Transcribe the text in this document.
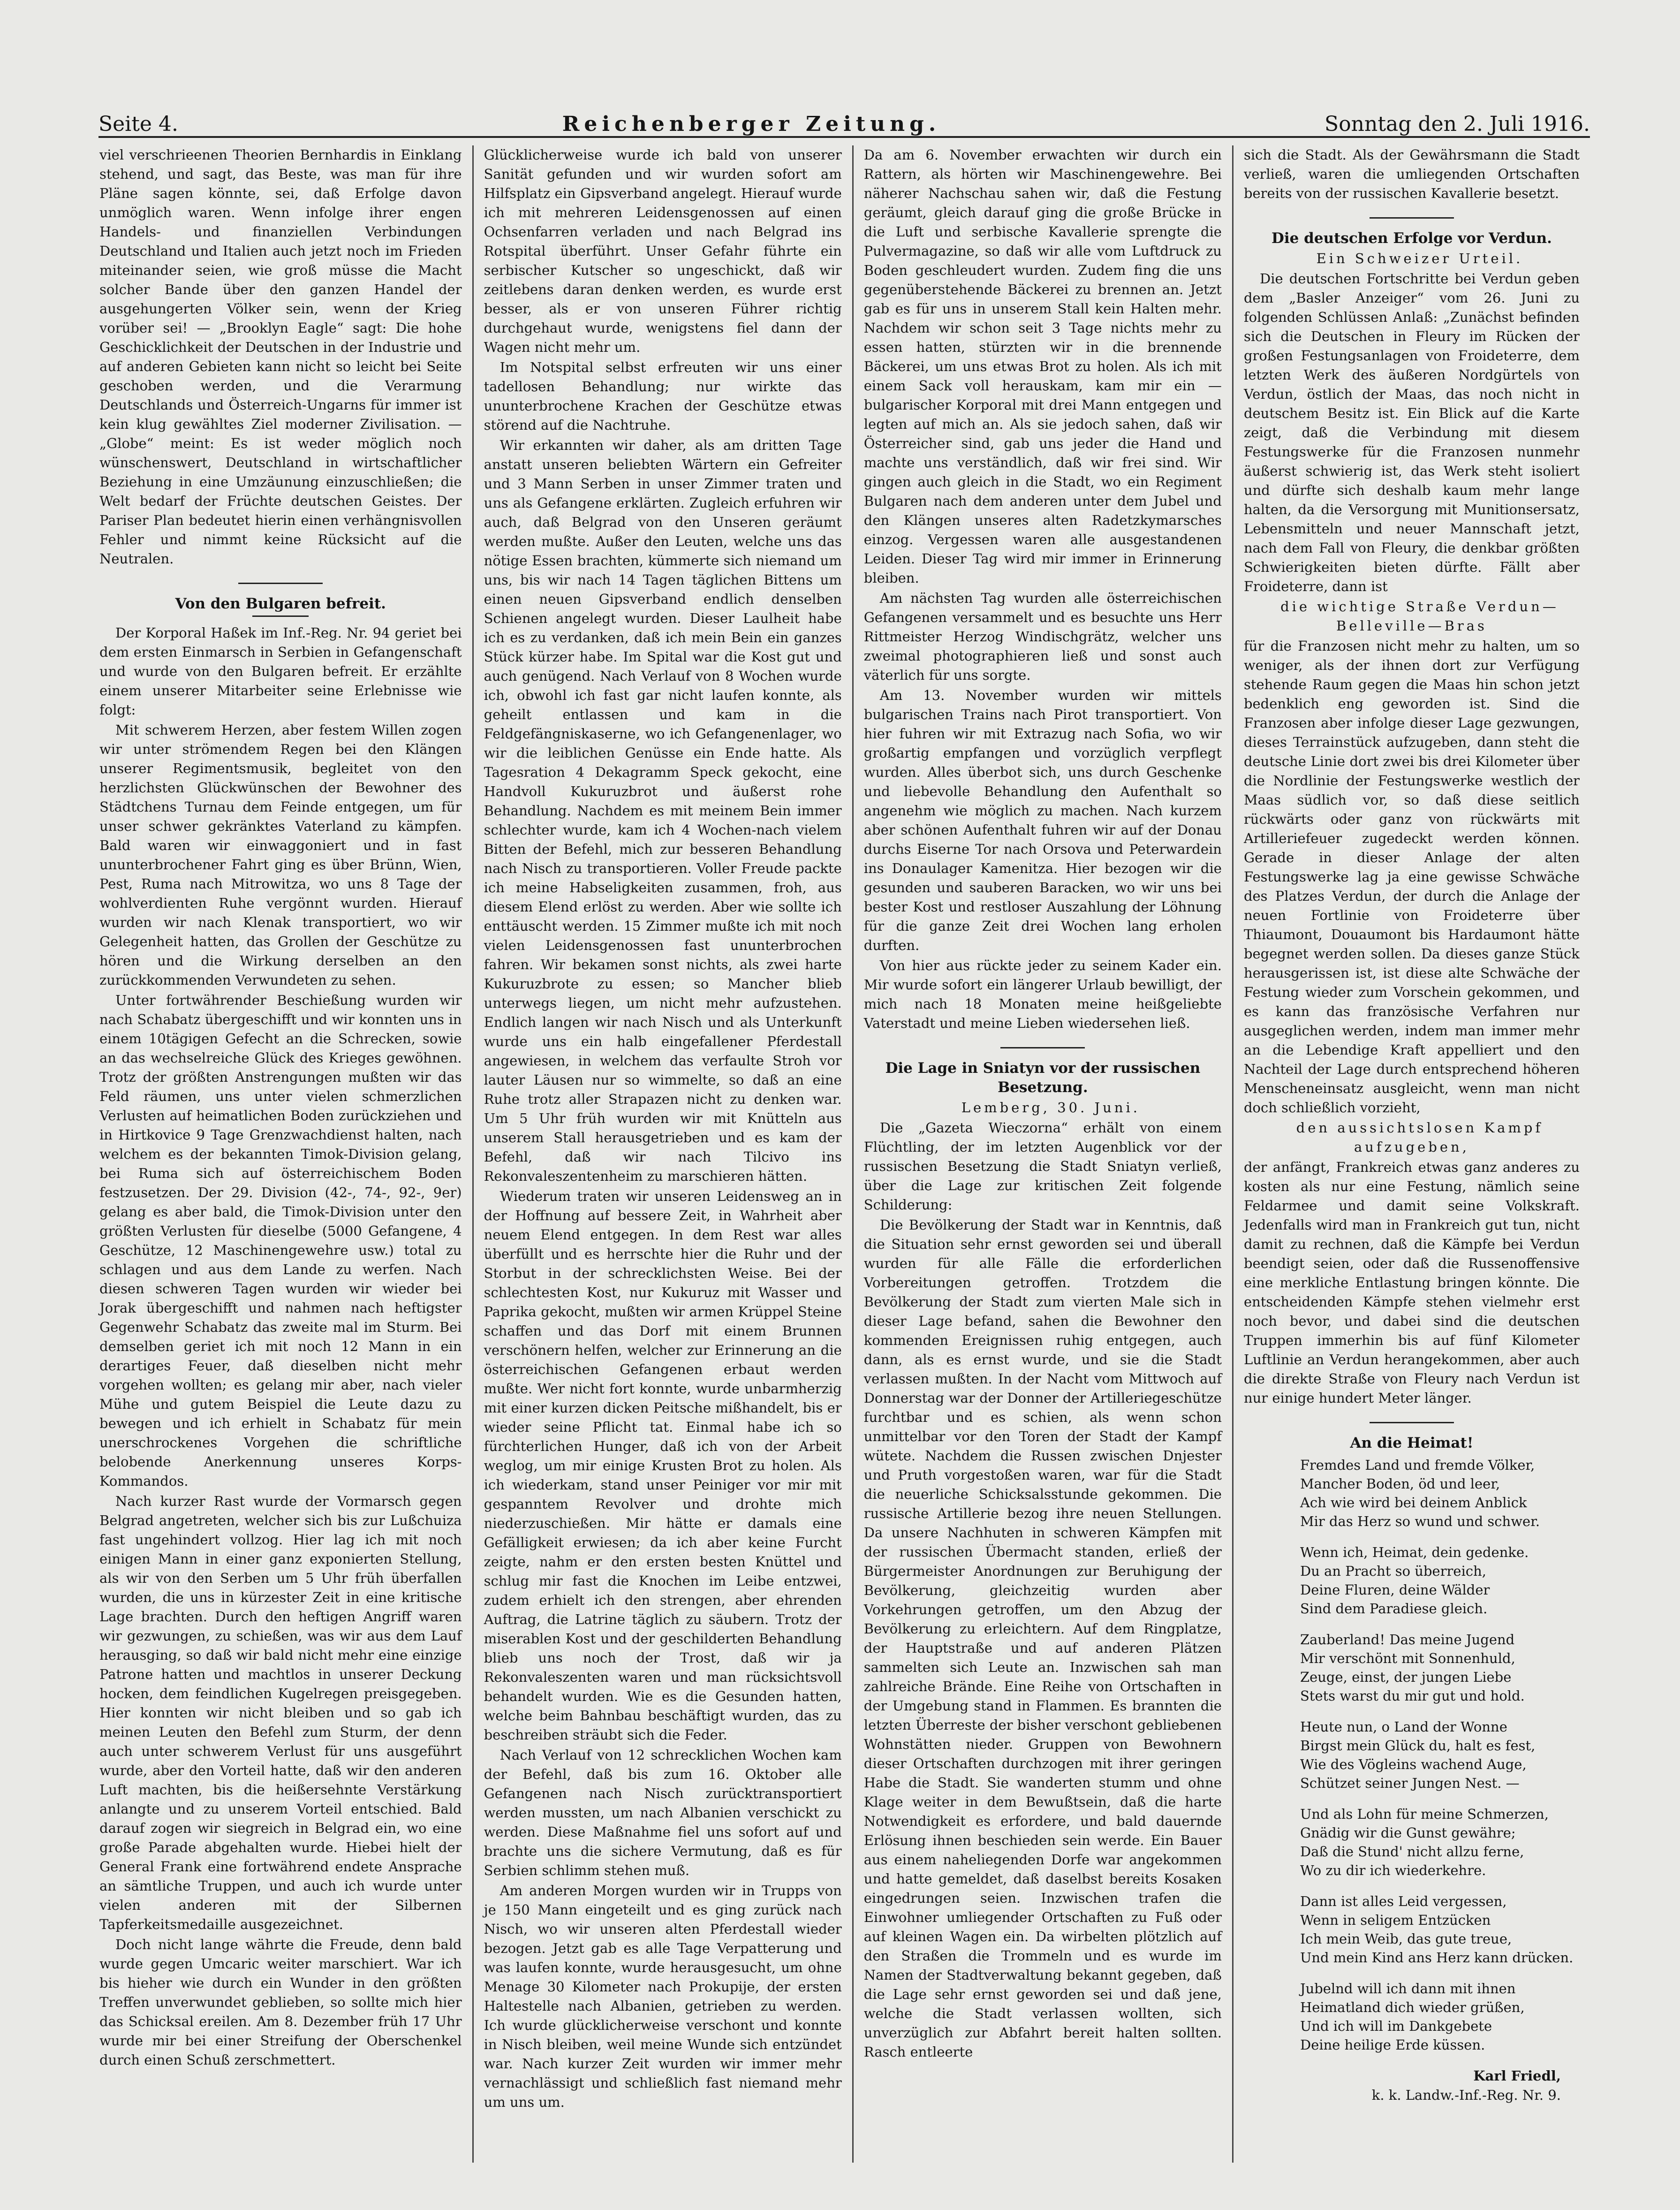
Seite 4.	Reichenberger Zeitung.	Sonntag den 2. Juli 1916.

viel verschrieenen Theorien Bernhardis in Einklang stehend, und sagt, das Beste, was man für ihre Pläne sagen könnte, sei, daß Erfolge davon unmöglich waren. Wenn infolge ihrer engen Handels- und finanziellen Verbindungen Deutschland und Italien auch jetzt noch im Frieden miteinander seien, wie groß müsse die Macht solcher Bande über den ganzen Handel der ausgehungerten Völker sein, wenn der Krieg vorüber sei! — „Brooklyn Eagle“ sagt: Die hohe Geschicklichkeit der Deutschen in der Industrie und auf anderen Gebieten kann nicht so leicht bei Seite geschoben werden, und die Verarmung Deutschlands und Österreich-Ungarns für immer ist kein klug gewähltes Ziel moderner Zivilisation. — „Globe“ meint: Es ist weder möglich noch wünschenswert, Deutschland in wirtschaftlicher Beziehung in eine Umzäunung einzuschließen; die Welt bedarf der Früchte deutschen Geistes. Der Pariser Plan bedeutet hierin einen verhängnisvollen Fehler und nimmt keine Rücksicht auf die Neutralen.

Von den Bulgaren befreit.

Der Korporal Haßek im Inf.-Reg. Nr. 94 geriet bei dem ersten Einmarsch in Serbien in Gefangenschaft und wurde von den Bulgaren befreit. Er erzählte einem unserer Mitarbeiter seine Erlebnisse wie folgt:

Mit schwerem Herzen, aber festem Willen zogen wir unter strömendem Regen bei den Klängen unserer Regimentsmusik, begleitet von den herzlichsten Glückwünschen der Bewohner des Städtchens Turnau dem Feinde entgegen, um für unser schwer gekränktes Vaterland zu kämpfen. Bald waren wir einwaggoniert und in fast ununterbrochener Fahrt ging es über Brünn, Wien, Pest, Ruma nach Mitrowitza, wo uns 8 Tage der wohlverdienten Ruhe vergönnt wurden. Hierauf wurden wir nach Klenak transportiert, wo wir Gelegenheit hatten, das Grollen der Geschütze zu hören und die Wirkung derselben an den zurückkommenden Verwundeten zu sehen.

Unter fortwährender Beschießung wurden wir nach Schabatz übergeschifft und wir konnten uns in einem 10tägigen Gefecht an die Schrecken, sowie an das wechselreiche Glück des Krieges gewöhnen. Trotz der größten Anstrengungen mußten wir das Feld räumen, uns unter vielen schmerzlichen Verlusten auf heimatlichen Boden zurückziehen und in Hirtkovice 9 Tage Grenzwachdienst halten, nach welchem es der bekannten Timok-Division gelang, bei Ruma sich auf österreichischem Boden festzusetzen. Der 29. Division (42-, 74-, 92-, 9er) gelang es aber bald, die Timok-Division unter den größten Verlusten für dieselbe (5000 Gefangene, 4 Geschütze, 12 Maschinengewehre usw.) total zu schlagen und aus dem Lande zu werfen. Nach diesen schweren Tagen wurden wir wieder bei Jorak übergeschifft und nahmen nach heftigster Gegenwehr Schabatz das zweite mal im Sturm. Bei demselben geriet ich mit noch 12 Mann in ein derartiges Feuer, daß dieselben nicht mehr vorgehen wollten; es gelang mir aber, nach vieler Mühe und gutem Beispiel die Leute dazu zu bewegen und ich erhielt in Schabatz für mein unerschrockenes Vorgehen die schriftliche belobende Anerkennung unseres Korps-Kommandos.

Nach kurzer Rast wurde der Vormarsch gegen Belgrad angetreten, welcher sich bis zur Lußchuiza fast ungehindert vollzog. Hier lag ich mit noch einigen Mann in einer ganz exponierten Stellung, als wir von den Serben um 5 Uhr früh überfallen wurden, die uns in kürzester Zeit in eine kritische Lage brachten. Durch den heftigen Angriff waren wir gezwungen, zu schießen, was wir aus dem Lauf herausging, so daß wir bald nicht mehr eine einzige Patrone hatten und machtlos in unserer Deckung hocken, dem feindlichen Kugelregen preisgegeben. Hier konnten wir nicht bleiben und so gab ich meinen Leuten den Befehl zum Sturm, der denn auch unter schwerem Verlust für uns ausgeführt wurde, aber den Vorteil hatte, daß wir den anderen Luft machten, bis die heißersehnte Verstärkung anlangte und zu unserem Vorteil entschied. Bald darauf zogen wir siegreich in Belgrad ein, wo eine große Parade abgehalten wurde. Hiebei hielt der General Frank eine fortwährend endete Ansprache an sämtliche Truppen, und auch ich wurde unter vielen anderen mit der Silbernen Tapferkeitsmedaille ausgezeichnet.

Doch nicht lange währte die Freude, denn bald wurde gegen Umcaric weiter marschiert. War ich bis hieher wie durch ein Wunder in den größten Treffen unverwundet geblieben, so sollte mich hier das Schicksal ereilen. Am 8. Dezember früh 17 Uhr wurde mir bei einer Streifung der Oberschenkel durch einen Schuß zerschmettert.

Glücklicherweise wurde ich bald von unserer Sanität gefunden und wir wurden sofort am Hilfsplatz ein Gipsverband angelegt. Hierauf wurde ich mit mehreren Leidensgenossen auf einen Ochsenfarren verladen und nach Belgrad ins Rotspital überführt. Unser Gefahr führte ein serbischer Kutscher so ungeschickt, daß wir zeitlebens daran denken werden, es wurde erst besser, als er von unseren Führer richtig durchgehaut wurde, wenigstens fiel dann der Wagen nicht mehr um.

Im Notspital selbst erfreuten wir uns einer tadellosen Behandlung; nur wirkte das ununterbrochene Krachen der Geschütze etwas störend auf die Nachtruhe.

Wir erkannten wir daher, als am dritten Tage anstatt unseren beliebten Wärtern ein Gefreiter und 3 Mann Serben in unser Zimmer traten und uns als Gefangene erklärten. Zugleich erfuhren wir auch, daß Belgrad von den Unseren geräumt werden mußte. Außer den Leuten, welche uns das nötige Essen brachten, kümmerte sich niemand um uns, bis wir nach 14 Tagen täglichen Bittens um einen neuen Gipsverband endlich denselben Schienen angelegt wurden. Dieser Laulheit habe ich es zu verdanken, daß ich mein Bein ein ganzes Stück kürzer habe. Im Spital war die Kost gut und auch genügend. Nach Verlauf von 8 Wochen wurde ich, obwohl ich fast gar nicht laufen konnte, als geheilt entlassen und kam in die Feldgefängniskaserne, wo ich Gefangenenlager, wo wir die leiblichen Genüsse ein Ende hatte. Als Tagesration 4 Dekagramm Speck gekocht, eine Handvoll Kukuruzbrot und äußerst rohe Behandlung. Nachdem es mit meinem Bein immer schlechter wurde, kam ich 4 Wochen-nach vielem Bitten der Befehl, mich zur besseren Behandlung nach Nisch zu transportieren. Voller Freude packte ich meine Habseligkeiten zusammen, froh, aus diesem Elend erlöst zu werden. Aber wie sollte ich enttäuscht werden. 15 Zimmer mußte ich mit noch vielen Leidensgenossen fast ununterbrochen fahren. Wir bekamen sonst nichts, als zwei harte Kukuruzbrote zu essen; so Mancher blieb unterwegs liegen, um nicht mehr aufzustehen. Endlich langen wir nach Nisch und als Unterkunft wurde uns ein halb eingefallener Pferdestall angewiesen, in welchem das verfaulte Stroh vor lauter Läusen nur so wimmelte, so daß an eine Ruhe trotz aller Strapazen nicht zu denken war. Um 5 Uhr früh wurden wir mit Knütteln aus unserem Stall herausgetrieben und es kam der Befehl, daß wir nach Tilcivo ins Rekonvaleszentenheim zu marschieren hätten.

Wiederum traten wir unseren Leidensweg an in der Hoffnung auf bessere Zeit, in Wahrheit aber neuem Elend entgegen. In dem Rest war alles überfüllt und es herrschte hier die Ruhr und der Storbut in der schrecklichsten Weise. Bei der schlechtesten Kost, nur Kukuruz mit Wasser und Paprika gekocht, mußten wir armen Krüppel Steine schaffen und das Dorf mit einem Brunnen verschönern helfen, welcher zur Erinnerung an die österreichischen Gefangenen erbaut werden mußte. Wer nicht fort konnte, wurde unbarmherzig mit einer kurzen dicken Peitsche mißhandelt, bis er wieder seine Pflicht tat. Einmal habe ich so fürchterlichen Hunger, daß ich von der Arbeit weglog, um mir einige Krusten Brot zu holen. Als ich wiederkam, stand unser Peiniger vor mir mit gespanntem Revolver und drohte mich niederzuschießen. Mir hätte er damals eine Gefälligkeit erwiesen; da ich aber keine Furcht zeigte, nahm er den ersten besten Knüttel und schlug mir fast die Knochen im Leibe entzwei, zudem erhielt ich den strengen, aber ehrenden Auftrag, die Latrine täglich zu säubern. Trotz der miserablen Kost und der geschilderten Behandlung blieb uns noch der Trost, daß wir ja Rekonvaleszenten waren und man rücksichtsvoll behandelt wurden. Wie es die Gesunden hatten, welche beim Bahnbau beschäftigt wurden, das zu beschreiben sträubt sich die Feder.

Nach Verlauf von 12 schrecklichen Wochen kam der Befehl, daß bis zum 16. Oktober alle Gefangenen nach Nisch zurücktransportiert werden mussten, um nach Albanien verschickt zu werden. Diese Maßnahme fiel uns sofort auf und brachte uns die sichere Vermutung, daß es für Serbien schlimm stehen muß.

Am anderen Morgen wurden wir in Trupps von je 150 Mann eingeteilt und es ging zurück nach Nisch, wo wir unseren alten Pferdestall wieder bezogen. Jetzt gab es alle Tage Verpatterung und was laufen konnte, wurde herausgesucht, um ohne Menage 30 Kilometer nach Prokupije, der ersten Haltestelle nach Albanien, getrieben zu werden. Ich wurde glücklicherweise verschont und konnte in Nisch bleiben, weil meine Wunde sich entzündet war. Nach kurzer Zeit wurden wir immer mehr vernachlässigt und schließlich fast niemand mehr um uns um.

Da am 6. November erwachten wir durch ein Rattern, als hörten wir Maschinengewehre. Bei näherer Nachschau sahen wir, daß die Festung geräumt, gleich darauf ging die große Brücke in die Luft und serbische Kavallerie sprengte die Pulvermagazine, so daß wir alle vom Luftdruck zu Boden geschleudert wurden. Zudem fing die uns gegenüberstehende Bäckerei zu brennen an. Jetzt gab es für uns in unserem Stall kein Halten mehr. Nachdem wir schon seit 3 Tage nichts mehr zu essen hatten, stürzten wir in die brennende Bäckerei, um uns etwas Brot zu holen. Als ich mit einem Sack voll herauskam, kam mir ein — bulgarischer Korporal mit drei Mann entgegen und legten auf mich an. Als sie jedoch sahen, daß wir Österreicher sind, gab uns jeder die Hand und machte uns verständlich, daß wir frei sind. Wir gingen auch gleich in die Stadt, wo ein Regiment Bulgaren nach dem anderen unter dem Jubel und den Klängen unseres alten Radetzkymarsches einzog. Vergessen waren alle ausgestandenen Leiden. Dieser Tag wird mir immer in Erinnerung bleiben.

Am nächsten Tag wurden alle österreichischen Gefangenen versammelt und es besuchte uns Herr Rittmeister Herzog Windischgrätz, welcher uns zweimal photographieren ließ und sonst auch väterlich für uns sorgte.

Am 13. November wurden wir mittels bulgarischen Trains nach Pirot transportiert. Von hier fuhren wir mit Extrazug nach Sofia, wo wir großartig empfangen und vorzüglich verpflegt wurden. Alles überbot sich, uns durch Geschenke und liebevolle Behandlung den Aufenthalt so angenehm wie möglich zu machen. Nach kurzem aber schönen Aufenthalt fuhren wir auf der Donau durchs Eiserne Tor nach Orsova und Peterwardein ins Donaulager Kamenitza. Hier bezogen wir die gesunden und sauberen Baracken, wo wir uns bei bester Kost und restloser Auszahlung der Löhnung für die ganze Zeit drei Wochen lang erholen durften.

Von hier aus rückte jeder zu seinem Kader ein. Mir wurde sofort ein längerer Urlaub bewilligt, der mich nach 18 Monaten meine heißgeliebte Vaterstadt und meine Lieben wiedersehen ließ.

Die Lage in Sniatyn vor der russischen Besetzung.

Lemberg, 30. Juni.

Die „Gazeta Wieczorna“ erhält von einem Flüchtling, der im letzten Augenblick vor der russischen Besetzung die Stadt Sniatyn verließ, über die Lage zur kritischen Zeit folgende Schilderung:

Die Bevölkerung der Stadt war in Kenntnis, daß die Situation sehr ernst geworden sei und überall wurden für alle Fälle die erforderlichen Vorbereitungen getroffen. Trotzdem die Bevölkerung der Stadt zum vierten Male sich in dieser Lage befand, sahen die Bewohner den kommenden Ereignissen ruhig entgegen, auch dann, als es ernst wurde, und sie die Stadt verlassen mußten. In der Nacht vom Mittwoch auf Donnerstag war der Donner der Artilleriegeschütze furchtbar und es schien, als wenn schon unmittelbar vor den Toren der Stadt der Kampf wütete. Nachdem die Russen zwischen Dnjester und Pruth vorgestoßen waren, war für die Stadt die neuerliche Schicksalsstunde gekommen. Die russische Artillerie bezog ihre neuen Stellungen. Da unsere Nachhuten in schweren Kämpfen mit der russischen Übermacht standen, erließ der Bürgermeister Anordnungen zur Beruhigung der Bevölkerung, gleichzeitig wurden aber Vorkehrungen getroffen, um den Abzug der Bevölkerung zu erleichtern. Auf dem Ringplatze, der Hauptstraße und auf anderen Plätzen sammelten sich Leute an. Inzwischen sah man zahlreiche Brände. Eine Reihe von Ortschaften in der Umgebung stand in Flammen. Es brannten die letzten Überreste der bisher verschont gebliebenen Wohnstätten nieder. Gruppen von Bewohnern dieser Ortschaften durchzogen mit ihrer geringen Habe die Stadt. Sie wanderten stumm und ohne Klage weiter in dem Bewußtsein, daß die harte Notwendigkeit es erfordere, und bald dauernde Erlösung ihnen beschieden sein werde. Ein Bauer aus einem naheliegenden Dorfe war angekommen und hatte gemeldet, daß daselbst bereits Kosaken eingedrungen seien. Inzwischen trafen die Einwohner umliegender Ortschaften zu Fuß oder auf kleinen Wagen ein. Da wirbelten plötzlich auf den Straßen die Trommeln und es wurde im Namen der Stadtverwaltung bekannt gegeben, daß die Lage sehr ernst geworden sei und daß jene, welche die Stadt verlassen wollten, sich unverzüglich zur Abfahrt bereit halten sollten. Rasch entleerte

sich die Stadt. Als der Gewährsmann die Stadt verließ, waren die umliegenden Ortschaften bereits von der russischen Kavallerie besetzt.

Die deutschen Erfolge vor Verdun.

Ein Schweizer Urteil.

Die deutschen Fortschritte bei Verdun geben dem „Basler Anzeiger“ vom 26. Juni zu folgenden Schlüssen Anlaß: „Zunächst befinden sich die Deutschen in Fleury im Rücken der großen Festungsanlagen von Froideterre, dem letzten Werk des äußeren Nordgürtels von Verdun, östlich der Maas, das noch nicht in deutschem Besitz ist. Ein Blick auf die Karte zeigt, daß die Verbindung mit diesem Festungswerke für die Franzosen nunmehr äußerst schwierig ist, das Werk steht isoliert und dürfte sich deshalb kaum mehr lange halten, da die Versorgung mit Munitionsersatz, Lebensmitteln und neuer Mannschaft jetzt, nach dem Fall von Fleury, die denkbar größten Schwierigkeiten bieten dürfte. Fällt aber Froideterre, dann ist

die wichtige Straße Verdun—Belleville—Bras

für die Franzosen nicht mehr zu halten, um so weniger, als der ihnen dort zur Verfügung stehende Raum gegen die Maas hin schon jetzt bedenklich eng geworden ist. Sind die Franzosen aber infolge dieser Lage gezwungen, dieses Terrainstück aufzugeben, dann steht die deutsche Linie dort zwei bis drei Kilometer über die Nordlinie der Festungswerke westlich der Maas südlich vor, so daß diese seitlich rückwärts oder ganz von rückwärts mit Artilleriefeuer zugedeckt werden können. Gerade in dieser Anlage der alten Festungswerke lag ja eine gewisse Schwäche des Platzes Verdun, der durch die Anlage der neuen Fortlinie von Froideterre über Thiaumont, Douaumont bis Hardaumont hätte begegnet werden sollen. Da dieses ganze Stück herausgerissen ist, ist diese alte Schwäche der Festung wieder zum Vorschein gekommen, und es kann das französische Verfahren nur ausgeglichen werden, indem man immer mehr an die Lebendige Kraft appelliert und den Nachteil der Lage durch entsprechend höheren Menscheneinsatz ausgleicht, wenn man nicht doch schließlich vorzieht,

den aussichtslosen Kampf aufzugeben,

der anfängt, Frankreich etwas ganz anderes zu kosten als nur eine Festung, nämlich seine Feldarmee und damit seine Volkskraft. Jedenfalls wird man in Frankreich gut tun, nicht damit zu rechnen, daß die Kämpfe bei Verdun beendigt seien, oder daß die Russenoffensive eine merkliche Entlastung bringen könnte. Die entscheidenden Kämpfe stehen vielmehr erst noch bevor, und dabei sind die deutschen Truppen immerhin bis auf fünf Kilometer Luftlinie an Verdun herangekommen, aber auch die direkte Straße von Fleury nach Verdun ist nur einige hundert Meter länger.

An die Heimat!

Fremdes Land und fremde Völker,
Mancher Boden, öd und leer,
Ach wie wird bei deinem Anblick
Mir das Herz so wund und schwer.
Wenn ich, Heimat, dein gedenke.
Du an Pracht so überreich,
Deine Fluren, deine Wälder
Sind dem Paradiese gleich.
Zauberland! Das meine Jugend
Mir verschönt mit Sonnenhuld,
Zeuge, einst, der jungen Liebe
Stets warst du mir gut und hold.
Heute nun, o Land der Wonne
Birgst mein Glück du, halt es fest,
Wie des Vögleins wachend Auge,
Schützet seiner Jungen Nest. —
Und als Lohn für meine Schmerzen,
Gnädig wir die Gunst gewähre;
Daß die Stund' nicht allzu ferne,
Wo zu dir ich wiederkehre.
Dann ist alles Leid vergessen,
Wenn in seligem Entzücken
Ich mein Weib, das gute treue,
Und mein Kind ans Herz kann drücken.
Jubelnd will ich dann mit ihnen
Heimatland dich wieder grüßen,
Und ich will im Dankgebete
Deine heilige Erde küssen.
Karl Friedl,
k. k. Landw.-Inf.-Reg. Nr. 9.
